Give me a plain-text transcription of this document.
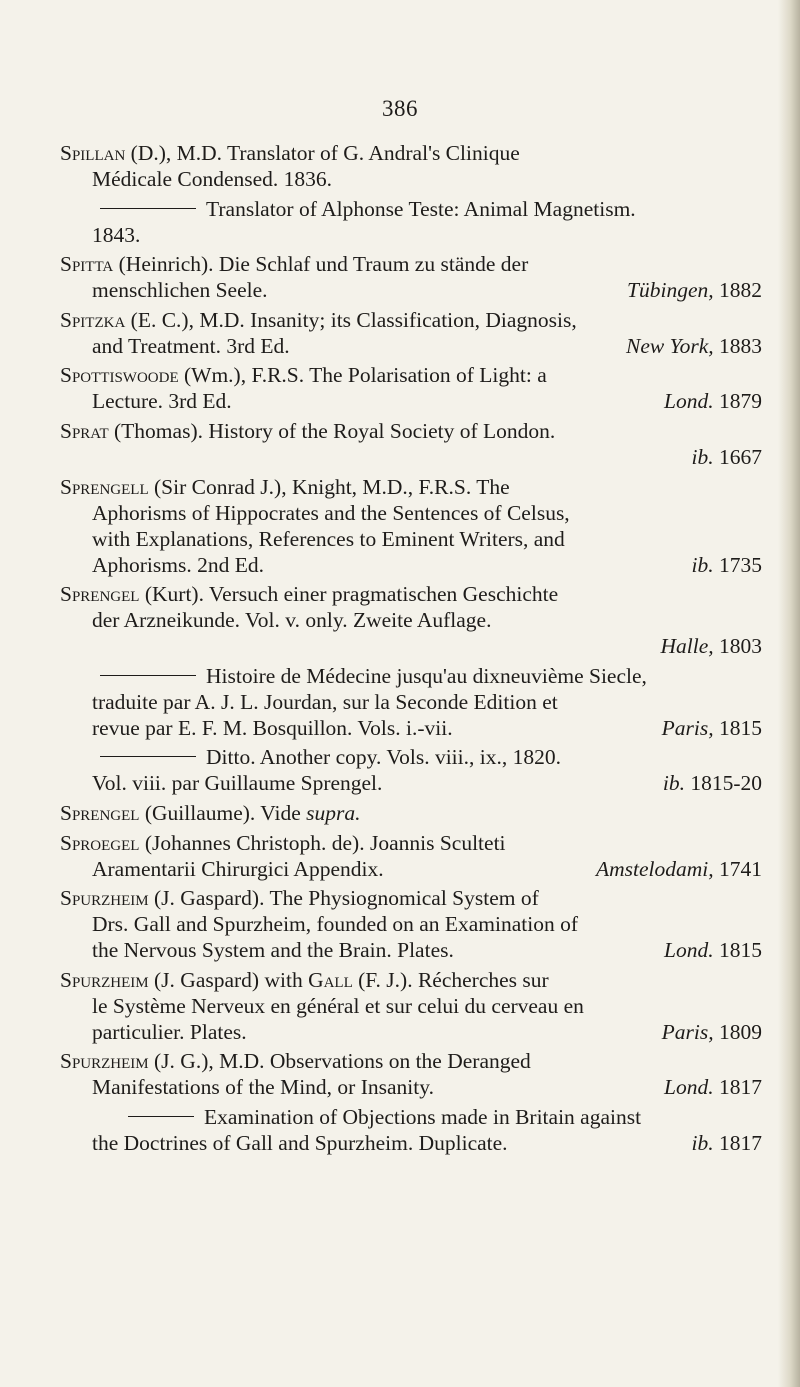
386

Spillan (D.), M.D. Translator of G. Andral's Clinique

Médicale Condensed. 1836.

Translator of Alphonse Teste: Animal Magnetism.

1843.

Spitta (Heinrich). Die Schlaf und Traum zu stände der

menschlichen Seele.	Tübingen, 1882

Spitzka (E. C.), M.D. Insanity; its Classification, Diagnosis,

and Treatment. 3rd Ed.	New York, 1883

Spottiswoode (Wm.), F.R.S. The Polarisation of Light: a

Lecture. 3rd Ed.	Lond. 1879

Sprat (Thomas). History of the Royal Society of London.

ib. 1667

Sprengell (Sir Conrad J.), Knight, M.D., F.R.S. The

Aphorisms of Hippocrates and the Sentences of Celsus,

with Explanations, References to Eminent Writers, and

Aphorisms. 2nd Ed.	ib. 1735

Sprengel (Kurt). Versuch einer pragmatischen Geschichte

der Arzneikunde. Vol. v. only. Zweite Auflage.

Halle, 1803

Histoire de Médecine jusqu'au dixneuvième Siecle,

traduite par A. J. L. Jourdan, sur la Seconde Edition et

revue par E. F. M. Bosquillon. Vols. i.-vii.	Paris, 1815

Ditto. Another copy. Vols. viii., ix., 1820.

Vol. viii. par Guillaume Sprengel.	ib. 1815-20

Sprengel (Guillaume). Vide supra.

Sproegel (Johannes Christoph. de). Joannis Sculteti

Aramentarii Chirurgici Appendix.	Amstelodami, 1741

Spurzheim (J. Gaspard). The Physiognomical System of

Drs. Gall and Spurzheim, founded on an Examination of

the Nervous System and the Brain. Plates.	Lond. 1815

Spurzheim (J. Gaspard) with Gall (F. J.). Récherches sur

le Système Nerveux en général et sur celui du cerveau en

particulier. Plates.	Paris, 1809

Spurzheim (J. G.), M.D. Observations on the Deranged

Manifestations of the Mind, or Insanity.	Lond. 1817

Examination of Objections made in Britain against

the Doctrines of Gall and Spurzheim. Duplicate.	ib. 1817
